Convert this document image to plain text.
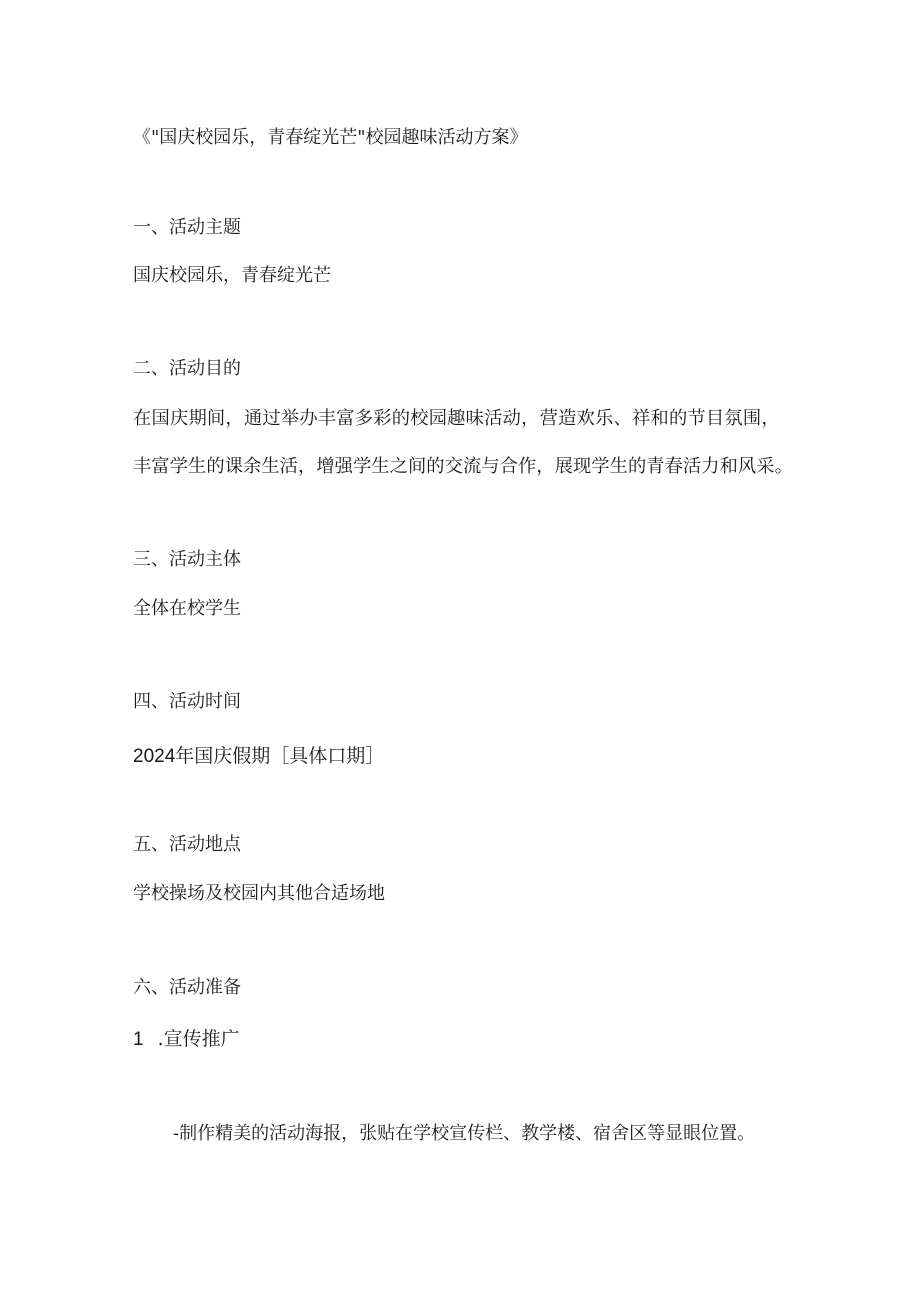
《"国庆校园乐，青春绽光芒"校园趣味活动方案》
一、活动主题
国庆校园乐，青春绽光芒
二、活动目的
在国庆期间，通过举办丰富多彩的校园趣味活动，营造欢乐、祥和的节目氛围，
丰富学生的课余生活，增强学生之间的交流与合作，展现学生的青春活力和风采。
三、活动主体
全体在校学生
四、活动时间
2024年国庆假期［具体口期］
五、活动地点
学校操场及校园内其他合适场地
六、活动准备
1 .宣传推广
-制作精美的活动海报，张贴在学校宣传栏、教学楼、宿舍区等显眼位置。
